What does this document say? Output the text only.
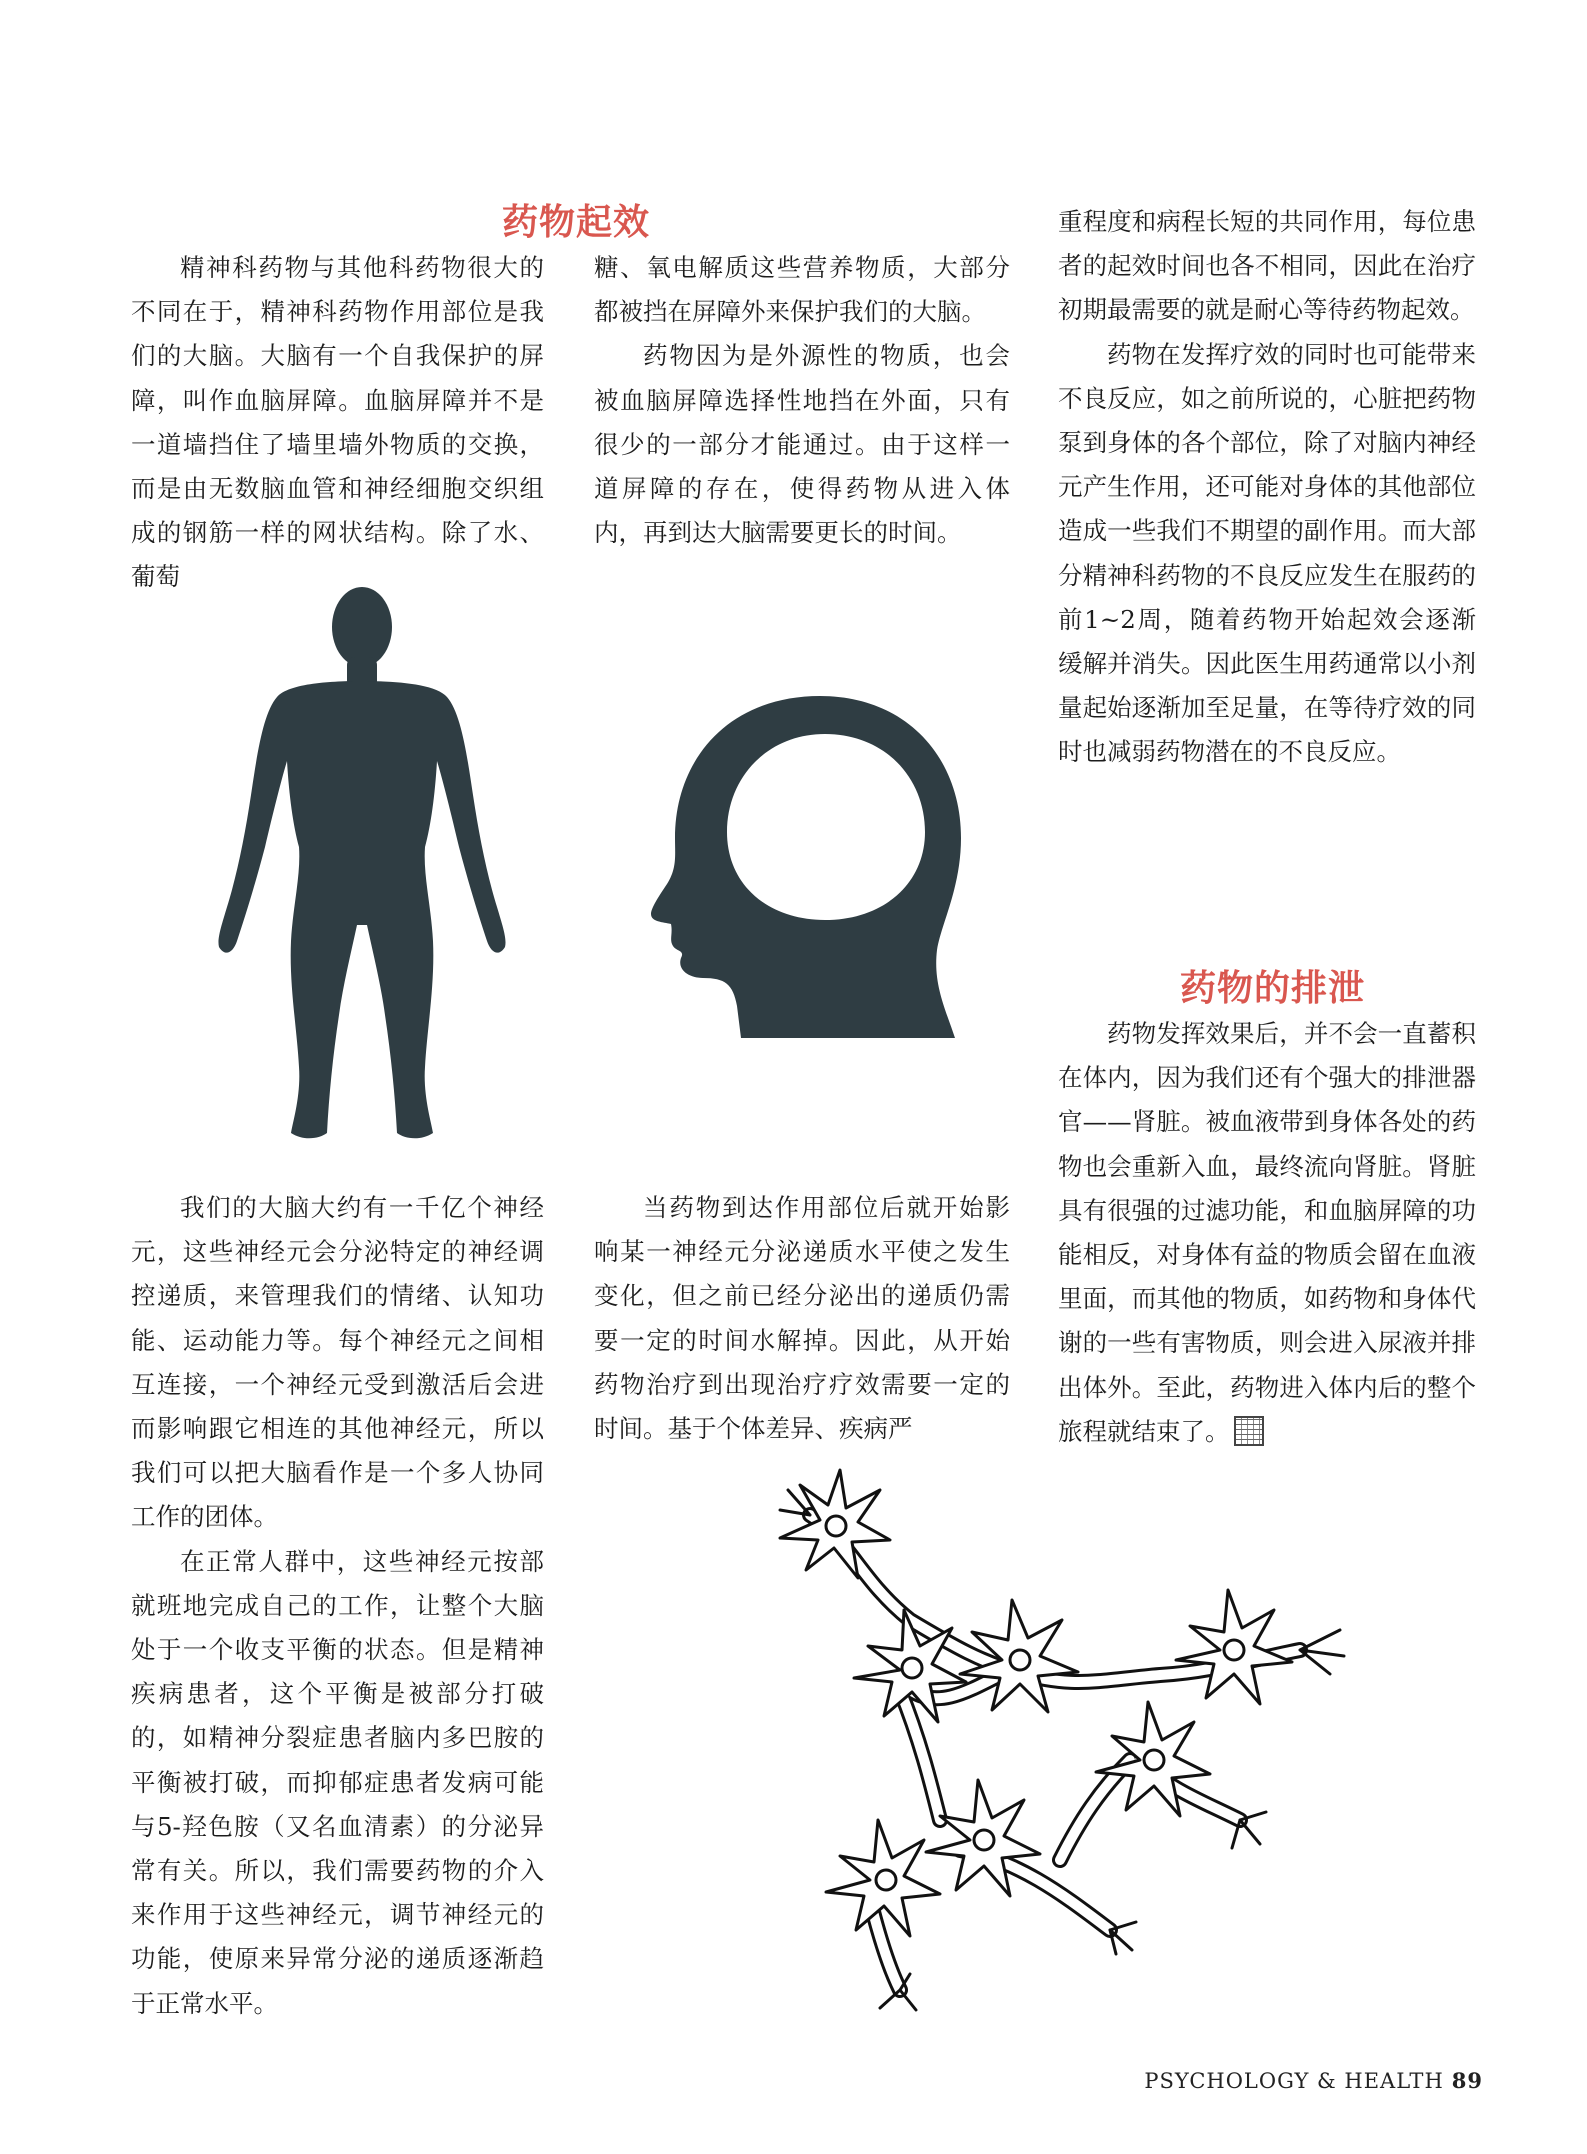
药物起效

精神科药物与其他科药物很大的不同在于，精神科药物作用部位是我们的大脑。大脑有一个自我保护的屏障，叫作血脑屏障。血脑屏障并不是一道墙挡住了墙里墙外物质的交换，而是由无数脑血管和神经细胞交织组成的钢筋一样的网状结构。除了水、葡萄

糖、氧电解质这些营养物质，大部分都被挡在屏障外来保护我们的大脑。

药物因为是外源性的物质，也会被血脑屏障选择性地挡在外面，只有很少的一部分才能通过。由于这样一道屏障的存在，使得药物从进入体内，再到达大脑需要更长的时间。

重程度和病程长短的共同作用，每位患者的起效时间也各不相同，因此在治疗初期最需要的就是耐心等待药物起效。

药物在发挥疗效的同时也可能带来不良反应，如之前所说的，心脏把药物泵到身体的各个部位，除了对脑内神经元产生作用，还可能对身体的其他部位造成一些我们不期望的副作用。而大部分精神科药物的不良反应发生在服药的前1~2周，随着药物开始起效会逐渐缓解并消失。因此医生用药通常以小剂量起始逐渐加至足量，在等待疗效的同时也减弱药物潜在的不良反应。

药物的排泄

药物发挥效果后，并不会一直蓄积在体内，因为我们还有个强大的排泄器官——肾脏。被血液带到身体各处的药物也会重新入血，最终流向肾脏。肾脏具有很强的过滤功能，和血脑屏障的功能相反，对身体有益的物质会留在血液里面，而其他的物质，如药物和身体代谢的一些有害物质，则会进入尿液并排出体外。至此，药物进入体内后的整个旅程就结束了。

我们的大脑大约有一千亿个神经元，这些神经元会分泌特定的神经调控递质，来管理我们的情绪、认知功能、运动能力等。每个神经元之间相互连接，一个神经元受到激活后会进而影响跟它相连的其他神经元，所以我们可以把大脑看作是一个多人协同工作的团体。

在正常人群中，这些神经元按部就班地完成自己的工作，让整个大脑处于一个收支平衡的状态。但是精神疾病患者，这个平衡是被部分打破的，如精神分裂症患者脑内多巴胺的平衡被打破，而抑郁症患者发病可能与5-羟色胺（又名血清素）的分泌异常有关。所以，我们需要药物的介入来作用于这些神经元，调节神经元的功能，使原来异常分泌的递质逐渐趋于正常水平。

当药物到达作用部位后就开始影响某一神经元分泌递质水平使之发生变化，但之前已经分泌出的递质仍需要一定的时间水解掉。因此，从开始药物治疗到出现治疗疗效需要一定的时间。基于个体差异、疾病严

PSYCHOLOGY & HEALTH 89
